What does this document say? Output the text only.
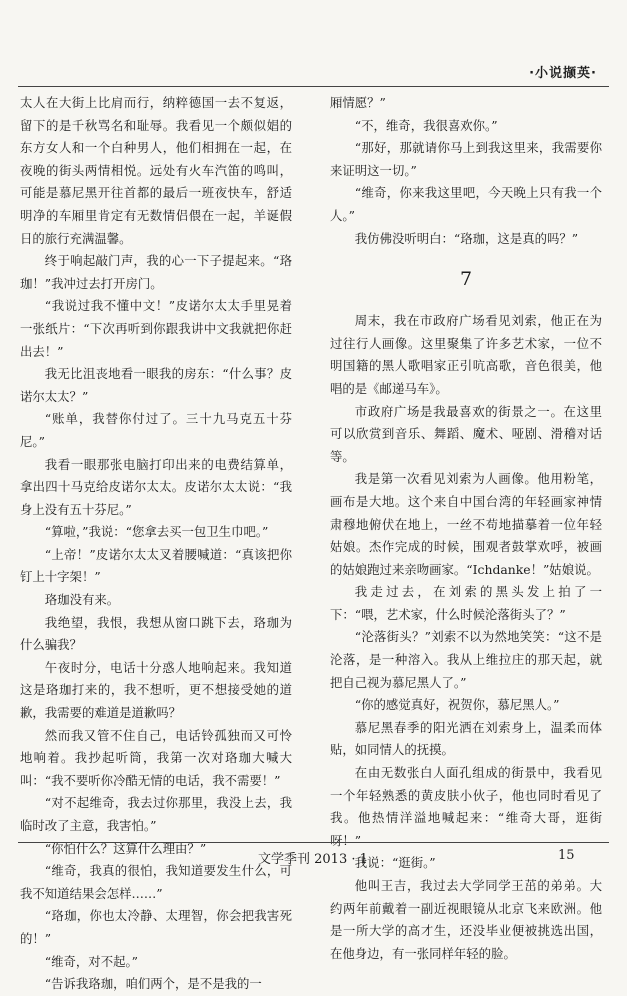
·小说撷英·

太人在大街上比肩而行，纳粹德国一去不复返，留下的是千秋骂名和耻辱。我看见一个颇似娼的东方女人和一个白种男人，他们相拥在一起，在夜晚的街头两情相悦。远处有火车汽笛的鸣叫，可能是慕尼黑开往首都的最后一班夜快车，舒适明净的车厢里肯定有无数情侣偎在一起，羊诞假日的旅行充满温馨。

终于响起敲门声，我的心一下子提起来。“珞珈！”我冲过去打开房门。

“我说过我不懂中文！”皮诺尔太太手里晃着一张纸片：“下次再听到你跟我讲中文我就把你赶出去！”

我无比沮丧地看一眼我的房东：“什么事？皮诺尔太太？”

“账单，我替你付过了。三十九马克五十芬尼。”

我看一眼那张电脑打印出来的电费结算单，拿出四十马克给皮诺尔太太。皮诺尔太太说：“我身上没有五十芬尼。”

“算啦，”我说：“您拿去买一包卫生巾吧。”

“上帝！”皮诺尔太太叉着腰喊道：“真该把你钉上十字架！”

珞珈没有来。

我绝望，我恨，我想从窗口跳下去，珞珈为什么骗我？

午夜时分，电话十分惑人地响起来。我知道这是珞珈打来的，我不想听，更不想接受她的道歉，我需要的难道是道歉吗？

然而我又管不住自己，电话铃孤独而又可怜地响着。我抄起听筒，我第一次对珞珈大喊大叫：“我不要听你冷酷无情的电话，我不需要！”

“对不起维奇，我去过你那里，我没上去，我临时改了主意，我害怕。”

“你怕什么？这算什么理由？”

“维奇，我真的很怕，我知道要发生什么，可我不知道结果会怎样……”

“珞珈，你也太冷静、太理智，你会把我害死的！”

“维奇，对不起。”

“告诉我珞珈，咱们两个，是不是我的一

厢情愿？”

“不，维奇，我很喜欢你。”

“那好，那就请你马上到我这里来，我需要你来证明这一切。”

“维奇，你来我这里吧，今天晚上只有我一个人。”

我仿佛没听明白：“珞珈，这是真的吗？”

7

周末，我在市政府广场看见刘索，他正在为过往行人画像。这里聚集了许多艺术家，一位不明国籍的黑人歌唱家正引吭高歌，音色很美，他唱的是《邮递马车》。

市政府广场是我最喜欢的街景之一。在这里可以欣赏到音乐、舞蹈、魔术、哑剧、滑稽对话等。

我是第一次看见刘索为人画像。他用粉笔，画布是大地。这个来自中国台湾的年轻画家神情肃穆地俯伏在地上，一丝不苟地描摹着一位年轻姑娘。杰作完成的时候，围观者鼓掌欢呼，被画的姑娘跑过来亲吻画家。“Ichdanke！”姑娘说。

我走过去，在刘索的黑头发上拍了一下：“喂，艺术家，什么时候沦落街头了？”

“沦落街头？”刘索不以为然地笑笑：“这不是沦落，是一种溶入。我从上维拉庄的那天起，就把自己视为慕尼黑人了。”

“你的感觉真好，祝贺你，慕尼黑人。”

慕尼黑春季的阳光洒在刘索身上，温柔而体贴，如同情人的抚摸。

在由无数张白人面孔组成的街景中，我看见一个年轻熟悉的黄皮肤小伙子，他也同时看见了我。他热情洋溢地喊起来：“维奇大哥，逛街呀！”

我说：“逛街。”

他叫王吉，我过去大学同学王茁的弟弟。大约两年前戴着一副近视眼镜从北京飞来欧洲。他是一所大学的高才生，还没毕业便被挑选出国，在他身边，有一张同样年轻的脸。

文学季刊 2013 · 1	15
